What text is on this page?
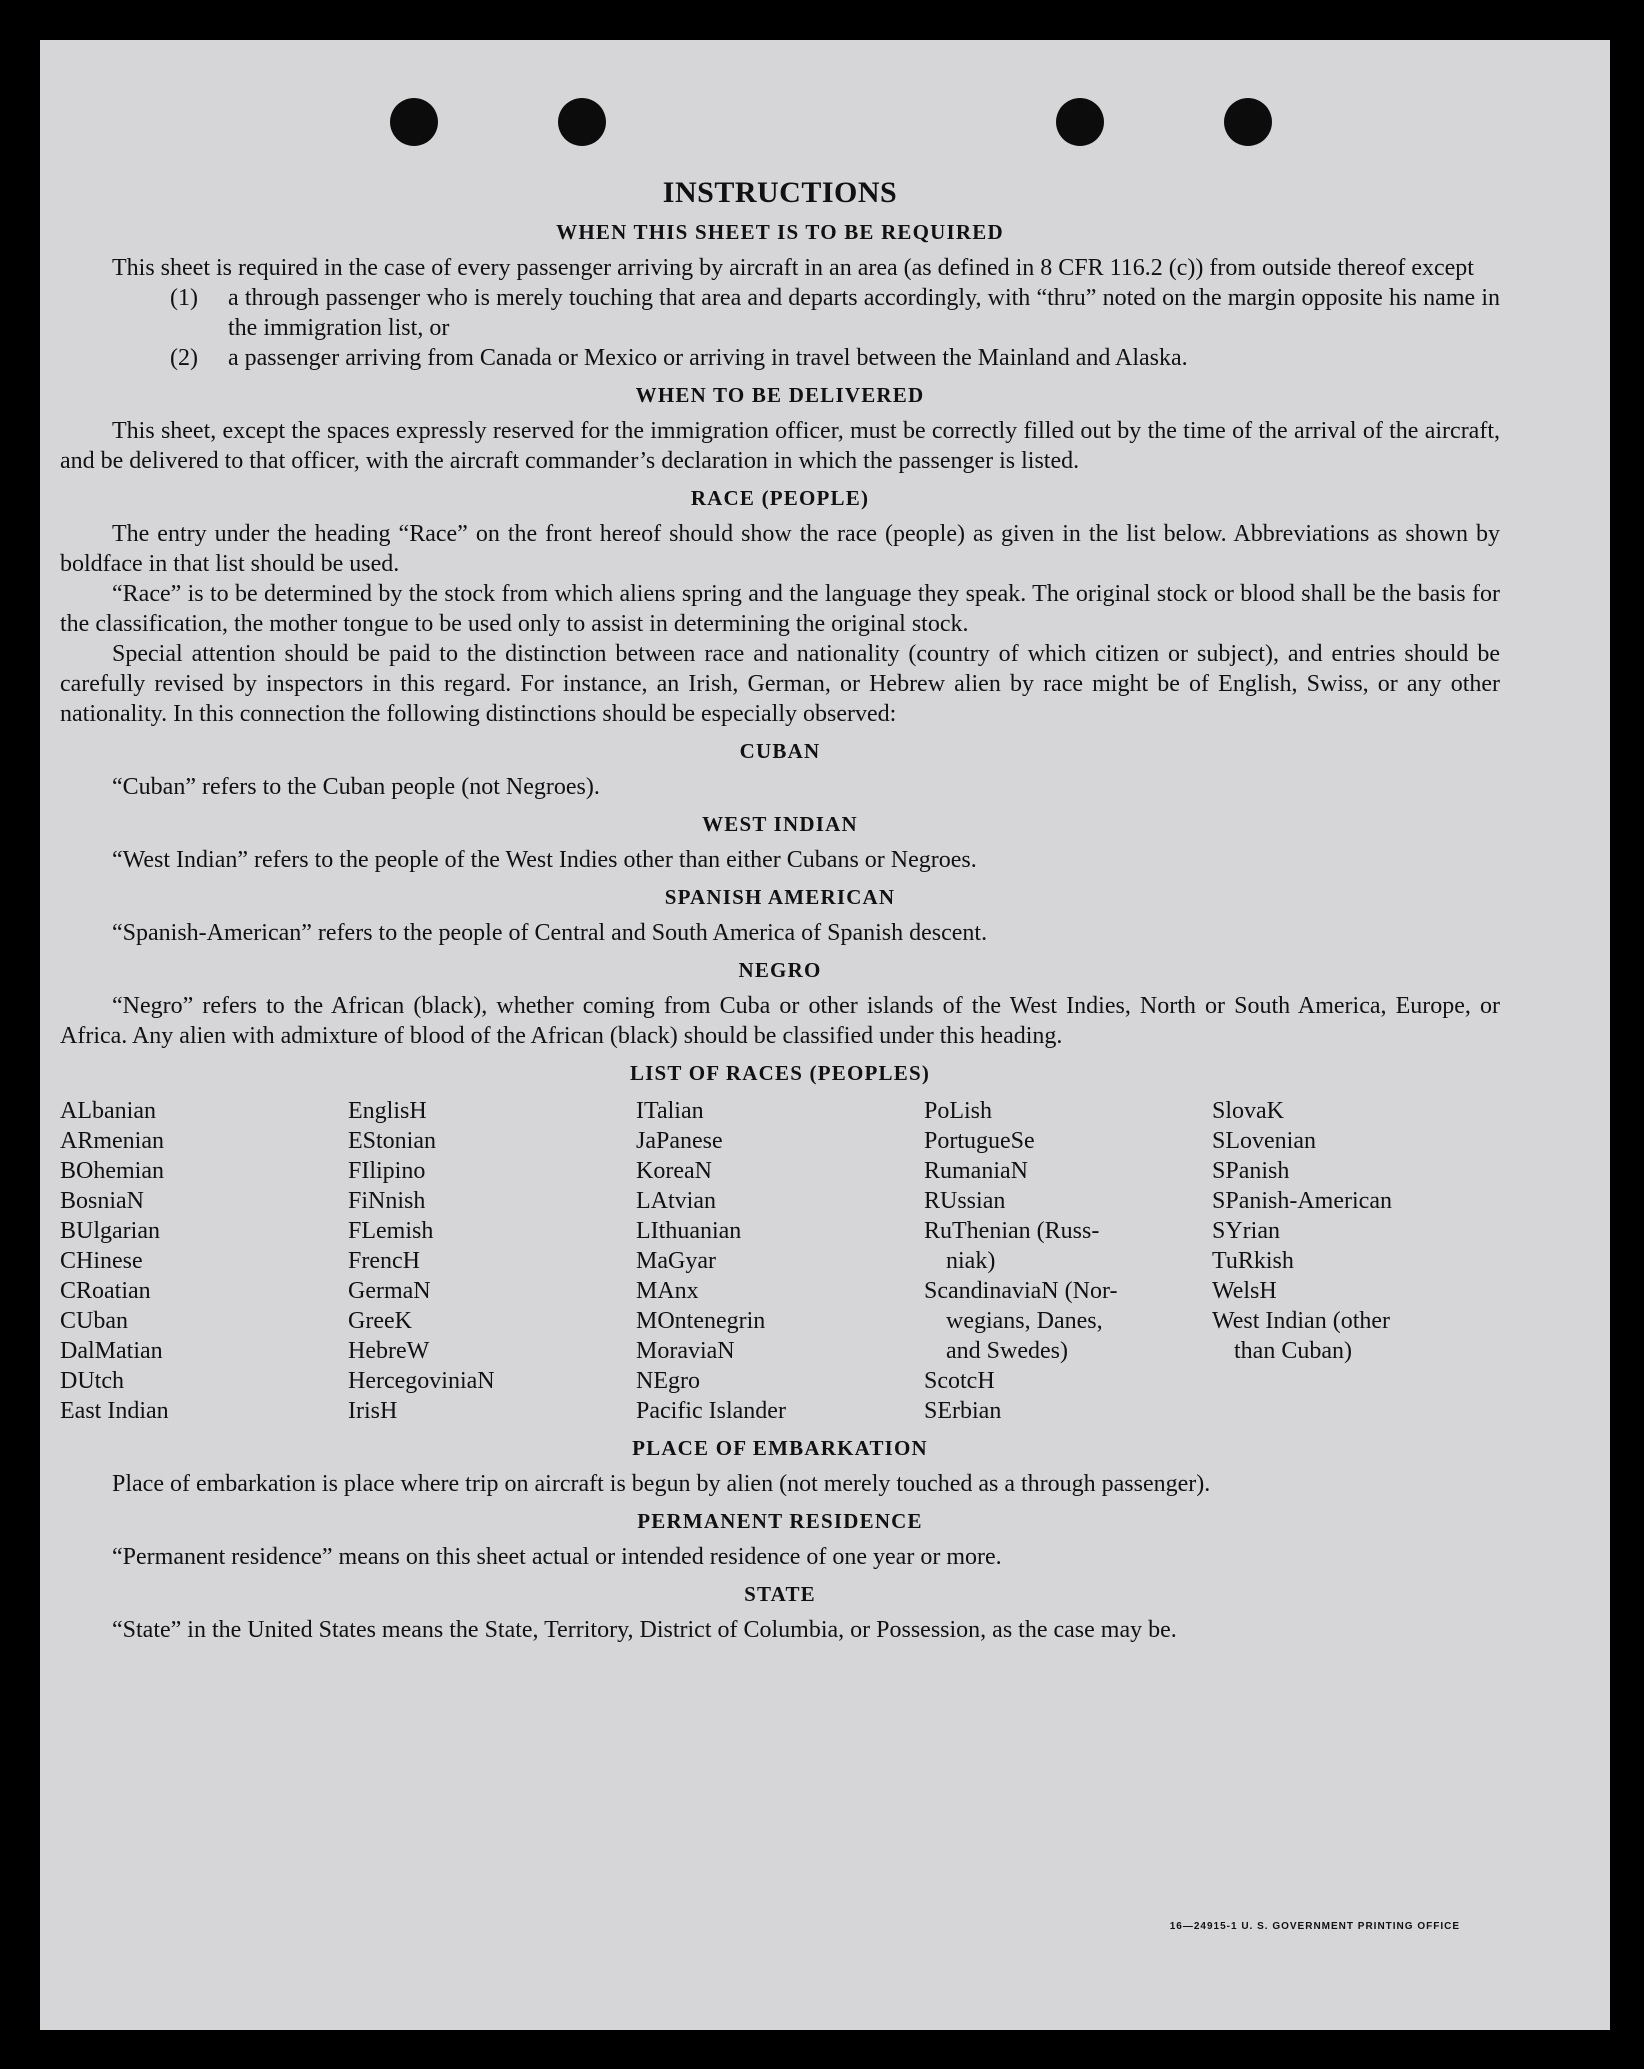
INSTRUCTIONS
WHEN THIS SHEET IS TO BE REQUIRED

This sheet is required in the case of every passenger arriving by aircraft in an area (as defined in 8 CFR 116.2 (c)) from outside thereof except

(1)	a through passenger who is merely touching that area and departs accordingly, with “thru” noted on the margin opposite his name in the immigration list, or
(2)	a passenger arriving from Canada or Mexico or arriving in travel between the Mainland and Alaska.
WHEN TO BE DELIVERED

This sheet, except the spaces expressly reserved for the immigration officer, must be correctly filled out by the time of the arrival of the aircraft, and be delivered to that officer, with the aircraft commander’s declaration in which the passenger is listed.

RACE (PEOPLE)

The entry under the heading “Race” on the front hereof should show the race (people) as given in the list below. Abbreviations as shown by boldface in that list should be used.

“Race” is to be determined by the stock from which aliens spring and the language they speak. The original stock or blood shall be the basis for the classification, the mother tongue to be used only to assist in determining the original stock.

Special attention should be paid to the distinction between race and nationality (country of which citizen or subject), and entries should be carefully revised by inspectors in this regard. For instance, an Irish, German, or Hebrew alien by race might be of English, Swiss, or any other nationality. In this connection the following distinctions should be especially observed:

CUBAN
“Cuban” refers to the Cuban people (not Negroes).
WEST INDIAN
“West Indian” refers to the people of the West Indies other than either Cubans or Negroes.
SPANISH AMERICAN
“Spanish-American” refers to the people of Central and South America of Spanish descent.
NEGRO

“Negro” refers to the African (black), whether coming from Cuba or other islands of the West Indies, North or South America, Europe, or Africa. Any alien with admixture of blood of the African (black) should be classified under this heading.

LIST OF RACES (PEOPLES)
ALbanian
ARmenian
BOhemian
BosniaN
BUlgarian
CHinese
CRoatian
CUban
DalMatian
DUtch
East Indian
EnglisH
EStonian
FIlipino
FiNnish
FLemish
FrencH
GermaN
GreeK
HebreW
HercegoviniaN
IrisH
ITalian
JaPanese
KoreaN
LAtvian
LIthuanian
MaGyar
MAnx
MOntenegrin
MoraviaN
NEgro
Pacific Islander
PoLish
PortugueSe
RumaniaN
RUssian
RuThenian (Russ-
niak)
ScandinaviaN (Nor-
wegians, Danes,
and Swedes)
ScotcH
SErbian
SlovaK
SLovenian
SPanish
SPanish-American
SYrian
TuRkish
WelsH
West Indian (other
than Cuban)
PLACE OF EMBARKATION

Place of embarkation is place where trip on aircraft is begun by alien (not merely touched as a through passenger).

PERMANENT RESIDENCE
“Permanent residence” means on this sheet actual or intended residence of one year or more.
STATE

“State” in the United States means the State, Territory, District of Columbia, or Possession, as the case may be.

16—24915-1 U. S. GOVERNMENT PRINTING OFFICE
